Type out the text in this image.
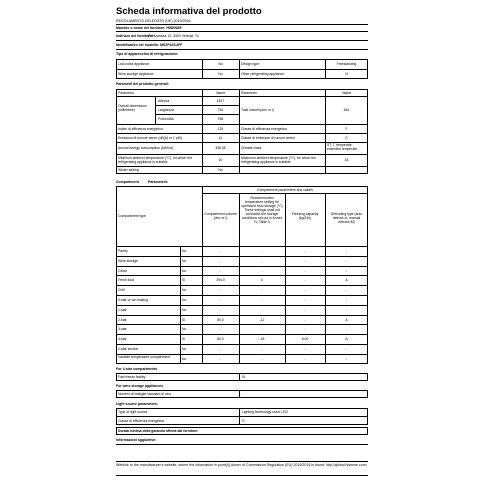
Scheda informativa del prodotto
REGOLAMENTO DELEGATO (UE) 2019/2016
Marchio o nome del fornitore: HISENSE
Indirizzo del fornitore:
Partizanska 12, 3320 Velenje, SI
Identificativo del modello: MS2P431UFF
Tipo di apparecchio di refrigerazione:
Low-noise appliance:	No	Design type:	Freestanding
Wine storage appliance:	No	Other refrigerating appliance:	N
Parametri del prodotto generali:
Parametro	Valore	Parametro	Valore
Overall dimensions (millimetre)
Altezza	1817
Larghezza	794
Profondità	786
Total volume(dm³ or l)	454
Indice di efficienza energetica	125	Classe di efficienza energetica	F
Emissioni di rumore aereo (dB(A) re 1 pW)	41	Classe di emissioni di rumore aereo	C
Annual energy consumption (kWh/a)	348.35	Climate class:
ST, T, temperate, extended temperate
Minimum ambient temperature (°C), for which the refrigerating appliance is suitable	10	Maximum ambient temperature (°C), for which the refrigerating appliance is suitable	43
Winter setting	No
Compartment	Parameters:
Compartment parameters and values
Compartment type	Compartment volume (dm³ or l)
Recommended temperature setting for optimised food storage (°C) These settings shall not contradict the storage conditions set out in Annex IV, Table 3
Freezing capacity (kg/24h)
Defrosting type (auto defrost=A, manual defrost=M)
Pantry	No	-	-	-	-
Wine storage	No	-	-	-	-
Cellar	No	-	-	-	-
Fresh food	Sì	294.0	4	-	A
Chill	No	-	-	-	-
0-star or ice-making	No	-	-	-	-
1-star	No	-	-	-	-
2-star	Sì	80.0	-12	-	A
3-star	No	-	-	-	-
4-star	Sì	80.0	-18	6.00	A
2-star section	No	-	-	-	-
Variable temperature compartment	No	-	-	-	-
For 4-star compartments
Fast freeze facility	Sì
For wine storage appliances
Numero di bottiglie standard di vino	-
Light source parameters:
Type of light source	Lighting technology used: LED
Classe di efficienza energetica	G
Durata minima della garanzia offerta dal fornitore:
Informazioni aggiuntive:
Weblink to the manufacturer's website, where the information in point(4) Annex of Commission Regulation (EU) 2019/2019 is found: http://global.hisense.com/
